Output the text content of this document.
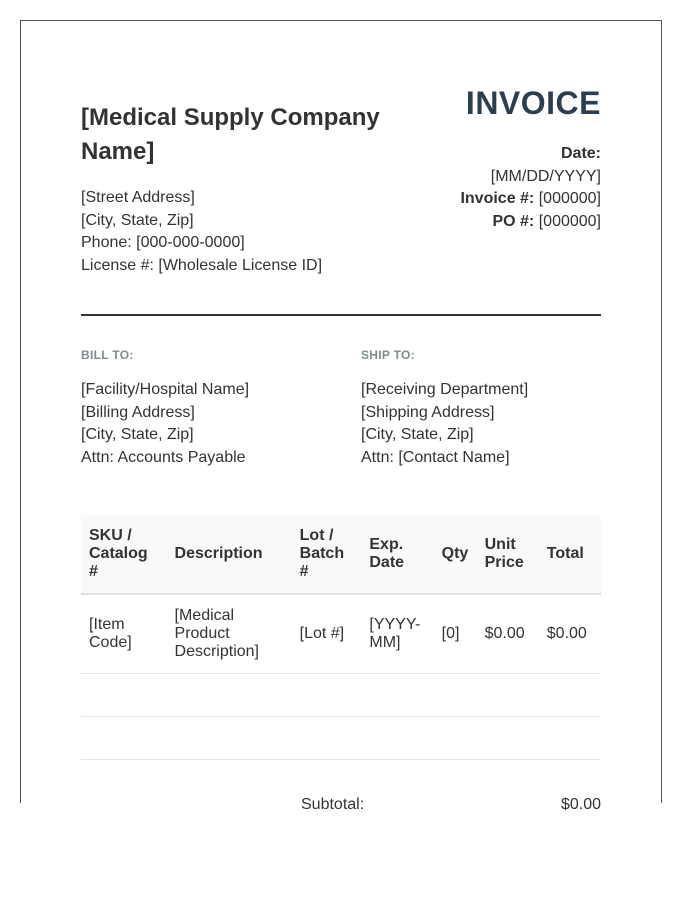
[Medical Supply Company Name]
[Street Address]
[City, State, Zip]
Phone: [000-000-0000]
License #: [Wholesale License ID]
INVOICE
Date:
[MM/DD/YYYY]
Invoice #: [000000]
PO #: [000000]
BILL TO:
[Facility/Hospital Name]
[Billing Address]
[City, State, Zip]
Attn: Accounts Payable
SHIP TO:
[Receiving Department]
[Shipping Address]
[City, State, Zip]
Attn: [Contact Name]
SKU / Catalog #	Description	Lot / Batch #	Exp. Date	Qty	Unit Price	Total
[Item Code]	[Medical Product Description]	[Lot #]	[YYYY-MM]	[0]	$0.00	$0.00

Subtotal:	$0.00
